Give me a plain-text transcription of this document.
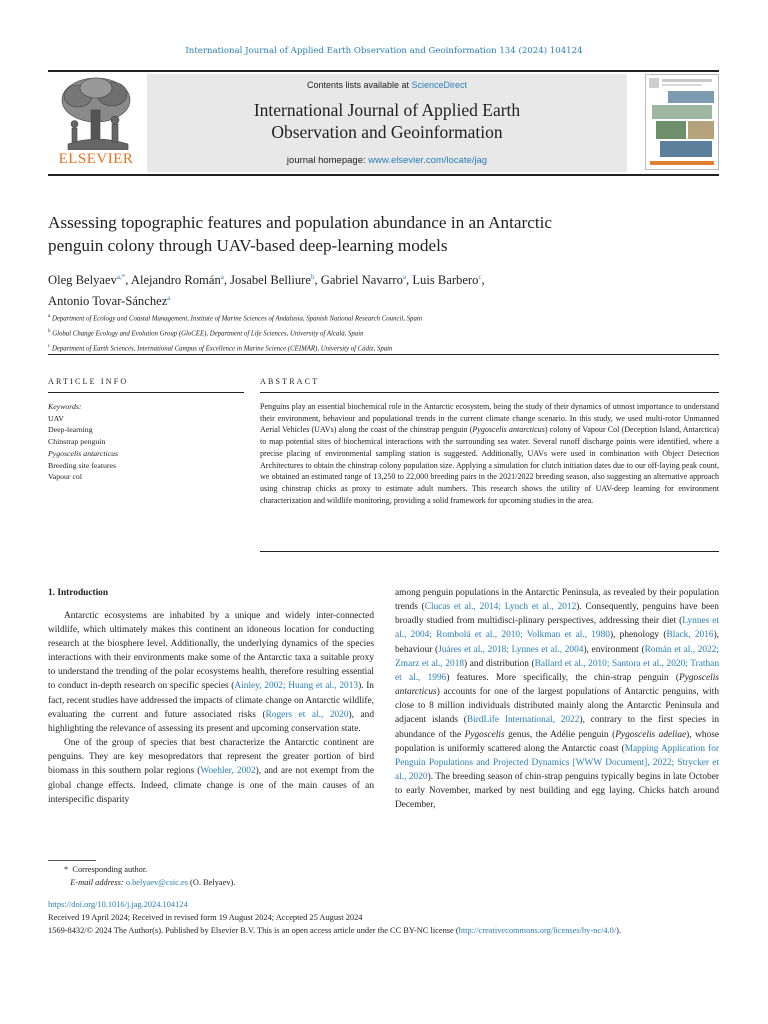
International Journal of Applied Earth Observation and Geoinformation 134 (2024) 104124
ELSEVIER
Contents lists available at ScienceDirect
International Journal of Applied Earth
Observation and Geoinformation
journal homepage: www.elsevier.com/locate/jag
Assessing topographic features and population abundance in an Antarctic
penguin colony through UAV-based deep-learning models
Oleg Belyaev$^{a,*}$, Alejandro Román$^a$, Josabel Belliure$^b$, Gabriel Navarro$^a$, Luis Barbero$^c$,
Antonio Tovar-Sánchez$^a$
$^a$ Department of Ecology and Coastal Management, Institute of Marine Sciences of Andalusia, Spanish National Research Council, Spain
$^b$ Global Change Ecology and Evolution Group (GloCEE), Department of Life Sciences, University of Alcalá, Spain
$^c$ Department of Earth Sciences, International Campus of Excellence in Marine Science (CEIMAR), University of Cádiz, Spain
ARTICLE INFO
Keywords:
UAV
Deep-learning
Chinstrap penguin
Pygoscelis antarcticus
Breeding site features
Vapour col
ABSTRACT
Penguins play an essential biochemical role in the Antarctic ecosystem, being the study of their dynamics of utmost importance to understand their environment, behaviour and populational trends in the current climate change scenario. In this study, we used multi-rotor Unmanned Aerial Vehicles (UAVs) along the coast of the chinstrap penguin (Pygoscelis antarcticus) colony of Vapour Col (Deception Island, Antarctica) to map potential sites of biochemical interactions with the surrounding sea water. Several runoff discharge points were identified, where a precise placing of environmental sampling station is suggested. Additionally, UAVs were used in combination with Object Detection Architectures to obtain the chinstrap colony population size. Applying a simulation for clutch initiation dates due to our off-laying peak count, we obtained an estimated range of 13,250 to 22,000 breeding pairs in the 2021/2022 breeding season, also suggesting an alternative approach using chinstrap chicks as proxy to estimate adult numbers. This research shows the utility of UAV-deep learning for environment characterization and wildlife monitoring, providing a solid framework for upcoming studies in the area.
1. Introduction
Antarctic ecosystems are inhabited by a unique and widely inter-connected wildlife, which ultimately makes this continent an idoneous location for conducting research at the biosphere level. Additionally, the underlying dynamics of the species interactions with their environments make some of the Antarctic taxa a suitable proxy to understand the trending of the polar ecosystems health, therefore resulting essential to conduct in-depth research on specific species (Ainley, 2002; Huang et al., 2013). In fact, recent studies have addressed the impacts of climate change on Antarctic wildlife, evaluating the current and future associated risks (Rogers et al., 2020), and highlighting the relevance of assessing its present and upcoming conservation state.
One of the group of species that best characterize the Antarctic continent are penguins. They are key mesopredators that represent the greater portion of bird biomass in this southern polar regions (Woehler, 2002), and are not exempt from the global change effects. Indeed, climate change is one of the main causes of an interspecific disparity
among penguin populations in the Antarctic Peninsula, as revealed by their population trends (Clucas et al., 2014; Lynch et al., 2012). Consequently, penguins have been broadly studied from multidisci-plinary perspectives, addressing their diet (Lynnes et al., 2004; Rombolá et al., 2010; Volkman et al., 1980), phenology (Black, 2016), behaviour (Juáres et al., 2018; Lynnes et al., 2004), environment (Román et al., 2022; Zmarz et al., 2018) and distribution (Ballard et al., 2010; Santora et al., 2020; Trathan et al., 1996) features. More specifically, the chin-strap penguin (Pygoscelis antarcticus) accounts for one of the largest populations of Antarctic penguins, with close to 8 million individuals distributed mainly along the Antarctic Peninsula and adjacent islands (BirdLife International, 2022), contrary to the first species in abundance of the Pygoscelis genus, the Adélie penguin (Pygoscelis adeliae), whose population is uniformly scattered along the Antarctic coast (Mapping Application for Penguin Populations and Projected Dynamics [WWW Document], 2022; Strycker et al., 2020). The breeding season of chin-strap penguins typically begins in late October to early November, marked by nest building and egg laying. Chicks hatch around December,
* Corresponding author.
E-mail address: o.belyaev@csic.es (O. Belyaev).
https://doi.org/10.1016/j.jag.2024.104124
Received 19 April 2024; Received in revised form 19 August 2024; Accepted 25 August 2024
1569-8432/© 2024 The Author(s). Published by Elsevier B.V. This is an open access article under the CC BY-NC license (http://creativecommons.org/licenses/by-nc/4.0/).
